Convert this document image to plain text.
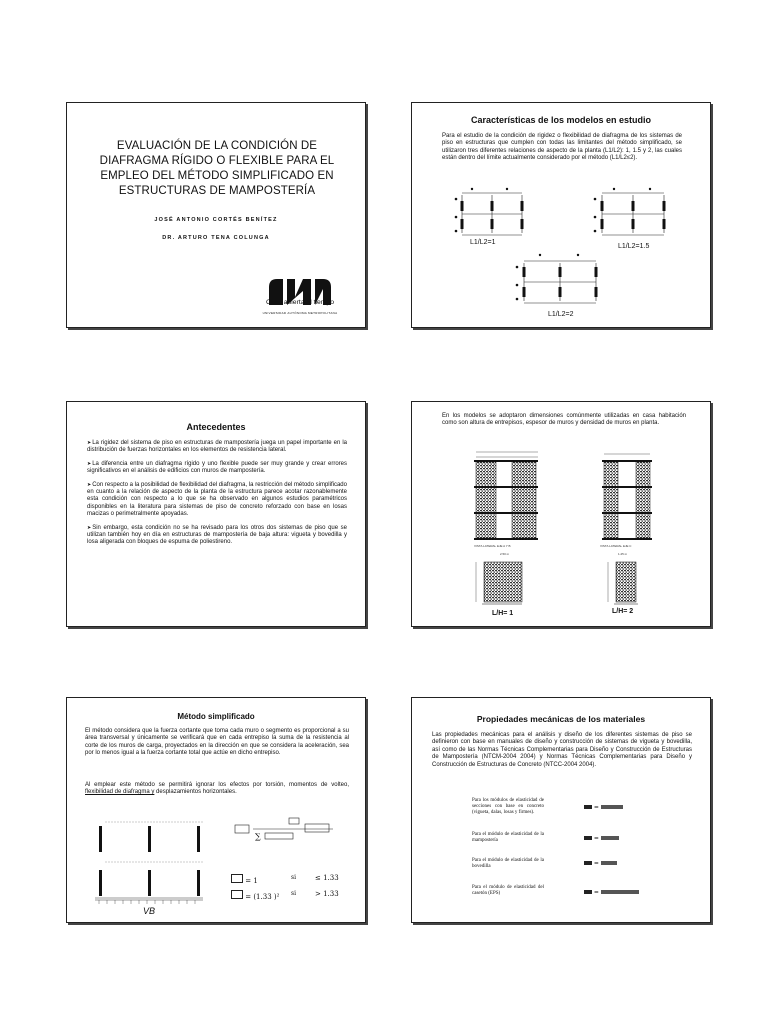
EVALUACIÓN DE LA CONDICIÓN DE DIAFRAGMA RÍGIDO O FLEXIBLE PARA EL EMPLEO DEL MÉTODO SIMPLIFICADO EN ESTRUCTURAS DE MAMPOSTERÍA
JOSÉ ANTONIO CORTÉS BENÍTEZ
DR. ARTURO TENA COLUNGA
Casa abierta al tiempo
UNIVERSIDAD AUTÓNOMA METROPOLITANA
Características de los modelos en estudio
Para el estudio de la condición de rigidez o flexibilidad de diafragma de los sistemas de piso en estructuras que cumplen con todas las limitantes del método simplificado, se utilizaron tres diferentes relaciones de aspecto de la planta (L1/L2): 1, 1.5 y 2, las cuales están dentro del límite actualmente considerado por el método (L1/L2≤2).
L1/L2=1
L1/L2=1.5
L1/L2=2
Antecedentes

➤ La rigidez del sistema de piso en estructuras de mampostería juega un papel importante en la distribución de fuerzas horizontales en los elementos de resistencia lateral.

➤ La diferencia entre un diafragma rígido y uno flexible puede ser muy grande y crear errores significativos en el análisis de edificios con muros de mampostería.

➤ Con respecto a la posibilidad de flexibilidad del diafragma, la restricción del método simplificado en cuanto a la relación de aspecto de la planta de la estructura parece acotar razonablemente esta condición con respecto a lo que se ha observado en algunos estudios paramétricos disponibles en la literatura para sistemas de piso de concreto reforzado con base en losas macizas o perimetralmente apoyadas.

➤ Sin embargo, esta condición no se ha revisado para los otros dos sistemas de piso que se utilizan también hoy en día en estructuras de mampostería de baja altura: vigueta y bovedilla y losa aligerada con bloques de espuma de poliestireno.

En los modelos se adoptaron dimensiones comúnmente utilizadas en casa habitación como son altura de entrepisos, espesor de muros y densidad de muros en planta.
VISTA LATERAL EJE A Y B	VISTA LATERAL EJE C
2.50 m
L/H= 1
1.25 m
L/H= 2
Método simplificado
El método considera que la fuerza cortante que toma cada muro o segmento es proporcional a su área transversal y únicamente se verificará que en cada entrepiso la suma de la resistencia al corte de los muros de carga, proyectados en la dirección en que se considera la aceleración, sea por lo menos igual a la fuerza cortante total que actúe en dicho entrepiso.
Al emplear este método se permitirá ignorar los efectos por torsión, momentos de volteo, flexibilidad de diafragma y desplazamientos horizontales.
VB
∑
= 1	si	≤ 1.33
= (1.33 )² si	> 1.33
Propiedades mecánicas de los materiales
Las propiedades mecánicas para el análisis y diseño de los diferentes sistemas de piso se definieron con base en manuales de diseño y construcción de sistemas de vigueta y bovedilla, así como de las Normas Técnicas Complementarias para Diseño y Construcción de Estructuras de Mampostería (NTCM-2004 2004) y Normas Técnicas Complementarias para Diseño y Construcción de Estructuras de Concreto (NTCC-2004 2004).
Para los módulos de elasticidad de secciones con base en concreto (vigueta, dalas, losas y firmes).
=
Para el módulo de elasticidad de la mampostería	=
Para el módulo de elasticidad de la bovedilla	=
Para el módulo de elasticidad del casetón (EPS)	=
